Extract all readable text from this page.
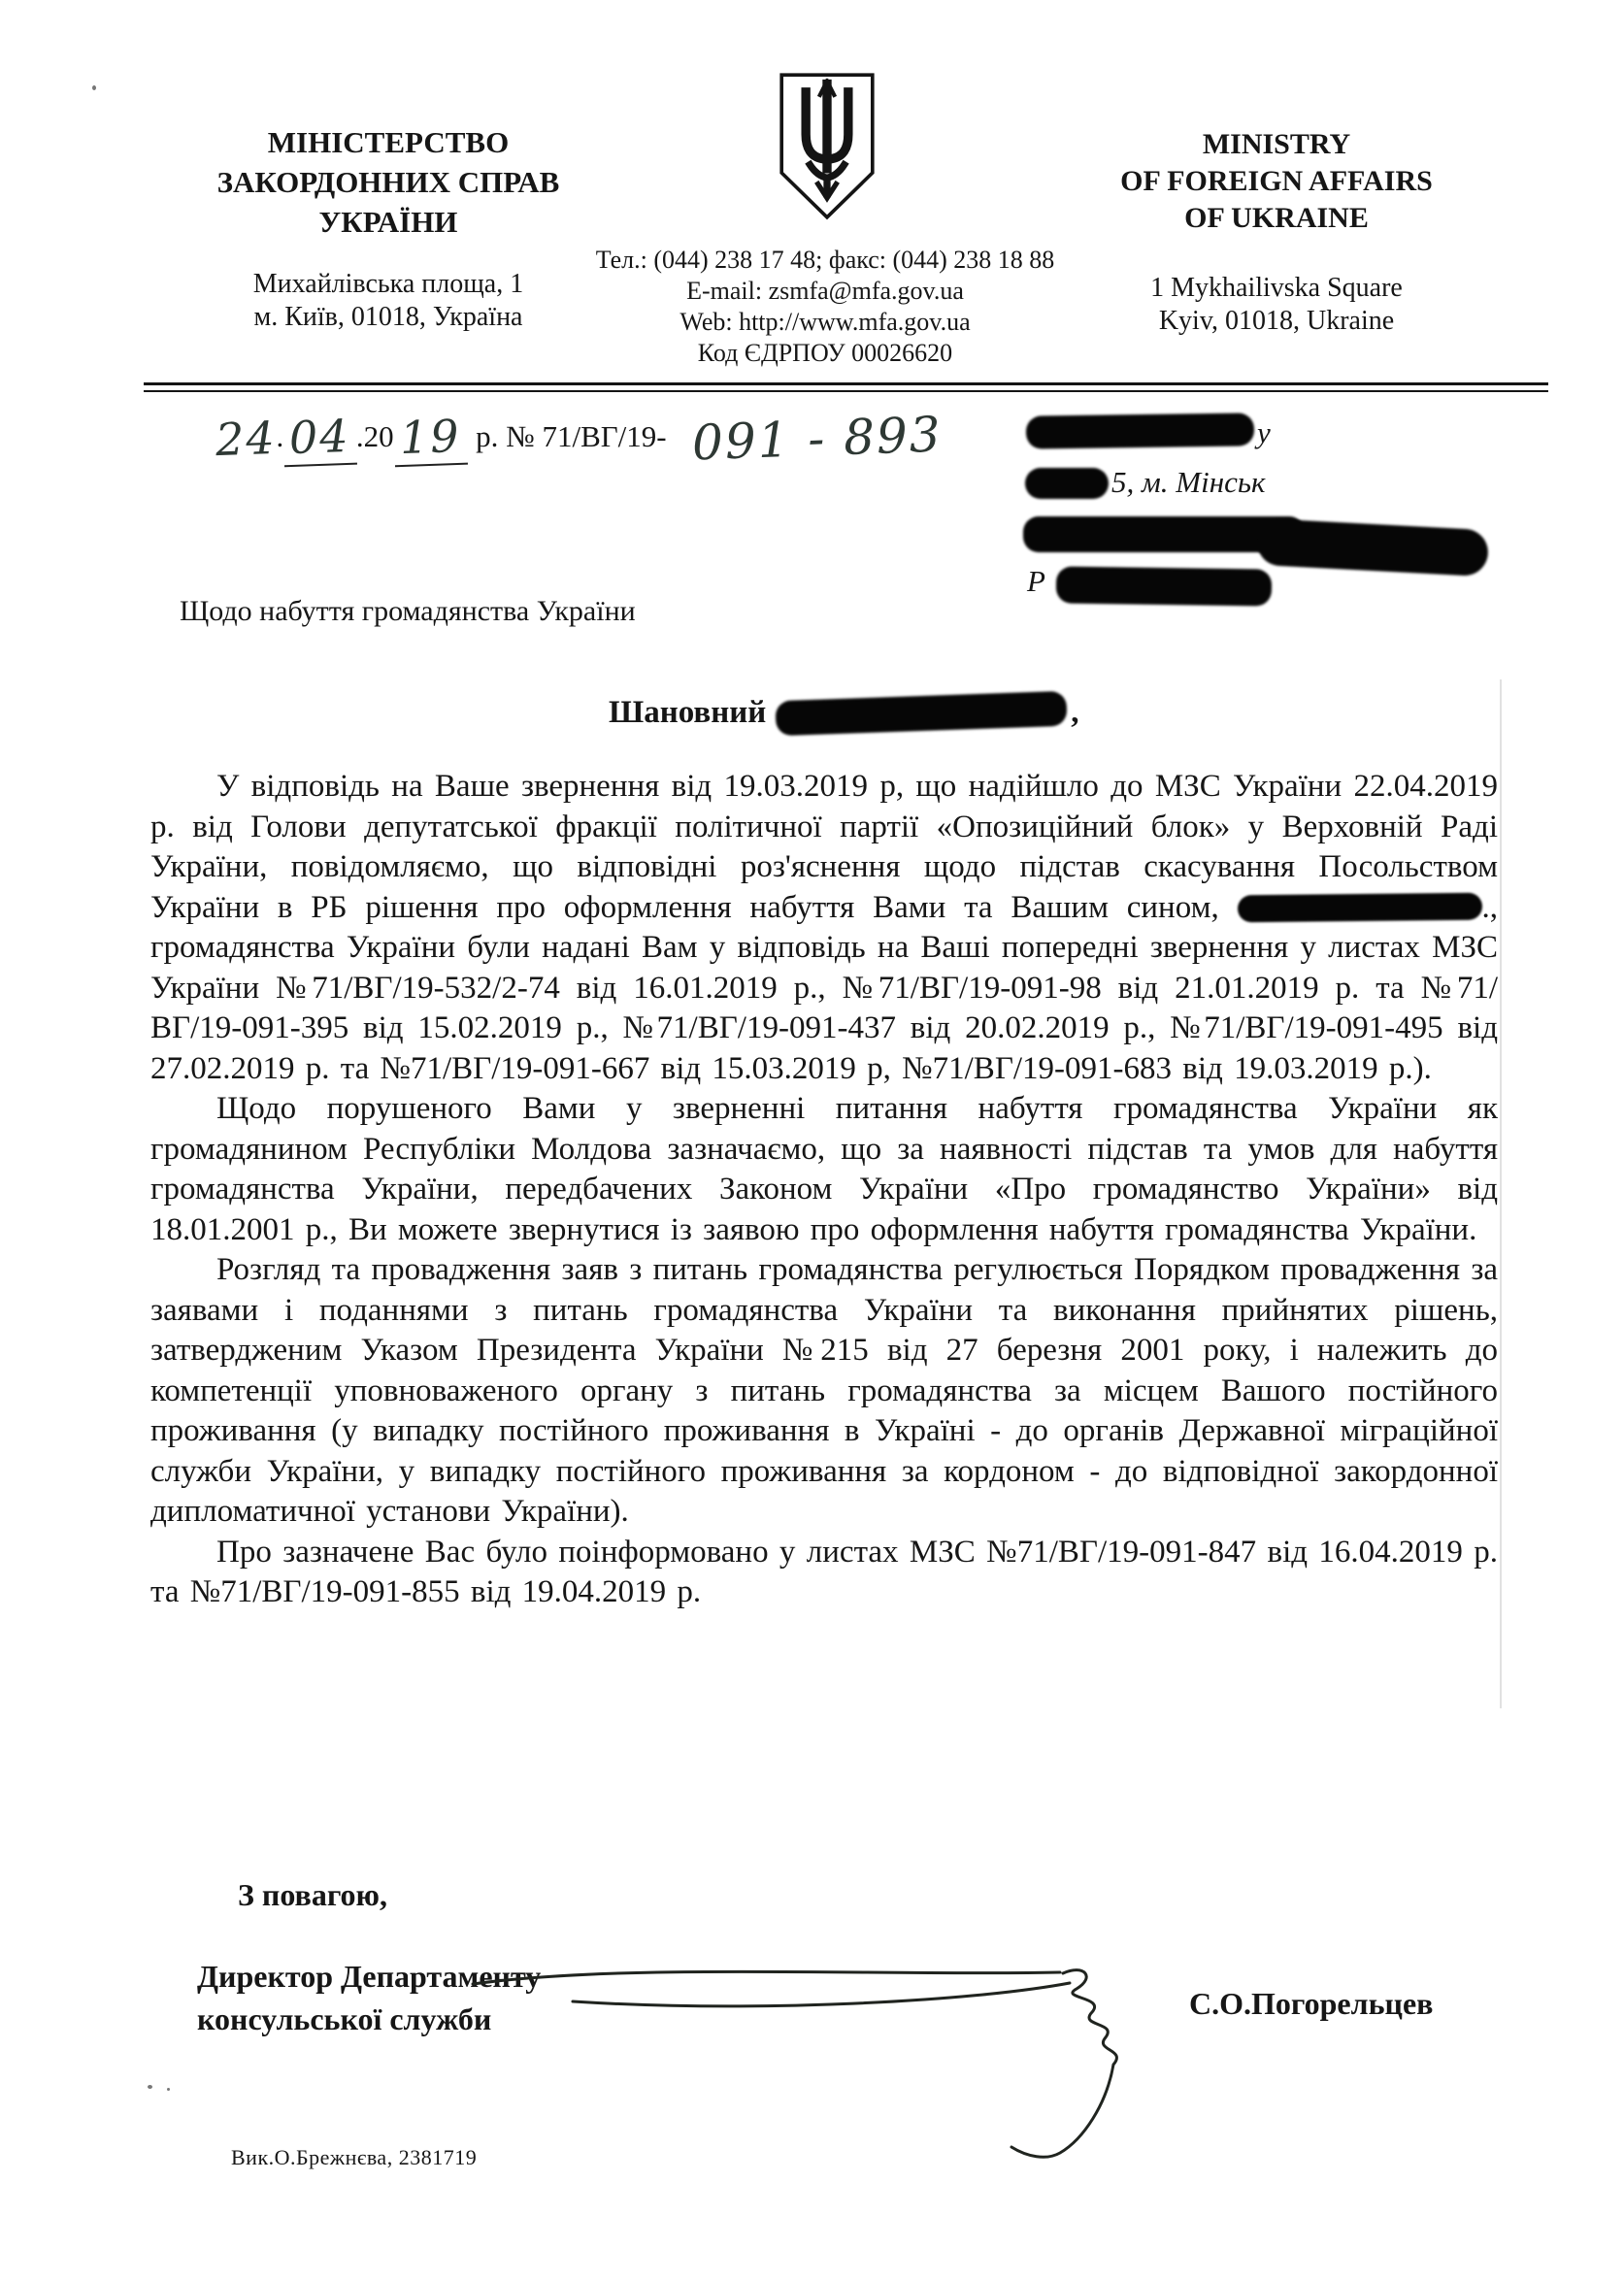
МІНІСТЕРСТВО
ЗАКОРДОННИХ СПРАВ
УКРАЇНИ
Михайлівська площа, 1
м. Київ, 01018, Україна
Тел.: (044) 238 17 48; факс: (044) 238 18 88
E-mail: zsmfa@mfa.gov.ua
Web: http://www.mfa.gov.ua
Код ЄДРПОУ 00026620
MINISTRY
OF FOREIGN AFFAIRS
OF UKRAINE
1 Mykhailivska Square
Kyiv, 01018, Ukraine
24 . 04 .20 19 р. № 71/ВГ/19- 091 - 893	у
5, м. Мінськ
Р
Щодо набуття громадянства України
Шановний	,

У відповідь на Ваше звернення від 19.03.2019 р, що надійшло до МЗС України 22.04.2019 р. від Голови депутатської фракції політичної партії «Опозиційний блок» у Верховній Раді України, повідомляємо, що відповідні роз'яснення щодо підстав скасування Посольством України в РБ рішення про оформлення набуття Вами та Вашим сином,	., громадянства України були надані Вам у відповідь на Ваші попередні звернення у листах МЗС України №71/ВГ/19-532/2-74 від 16.01.2019 р., №71/ВГ/19-091-98 від 21.01.2019 р. та №71/ВГ/19-091-395 від 15.02.2019 р., №71/ВГ/19-091-437 від 20.02.2019 р., №71/ВГ/19-091-495 від 27.02.2019 р. та №71/ВГ/19-091-667 від 15.03.2019 р, №71/ВГ/19-091-683 від 19.03.2019 р.).

Щодо порушеного Вами у зверненні питання набуття громадянства України як громадянином Республіки Молдова зазначаємо, що за наявності підстав та умов для набуття громадянства України, передбачених Законом України «Про громадянство України» від 18.01.2001 р., Ви можете звернутися із заявою про оформлення набуття громадянства України.

Розгляд та провадження заяв з питань громадянства регулюється Порядком провадження за заявами і поданнями з питань громадянства України та виконання прийнятих рішень, затвердженим Указом Президента України №215 від 27 березня 2001 року, і належить до компетенції уповноваженого органу з питань громадянства за місцем Вашого постійного проживання (у випадку постійного проживання в Україні - до органів Державної міграційної служби України, у випадку постійного проживання за кордоном - до відповідної закордонної дипломатичної установи України).

Про зазначене Вас було поінформовано у листах МЗС №71/ВГ/19-091-847 від 16.04.2019 р. та №71/ВГ/19-091-855 від 19.04.2019 р.

З повагою,
Директор Департаменту
консульської служби	С.О.Погорельцев
Вик.О.Брежнєва, 2381719
